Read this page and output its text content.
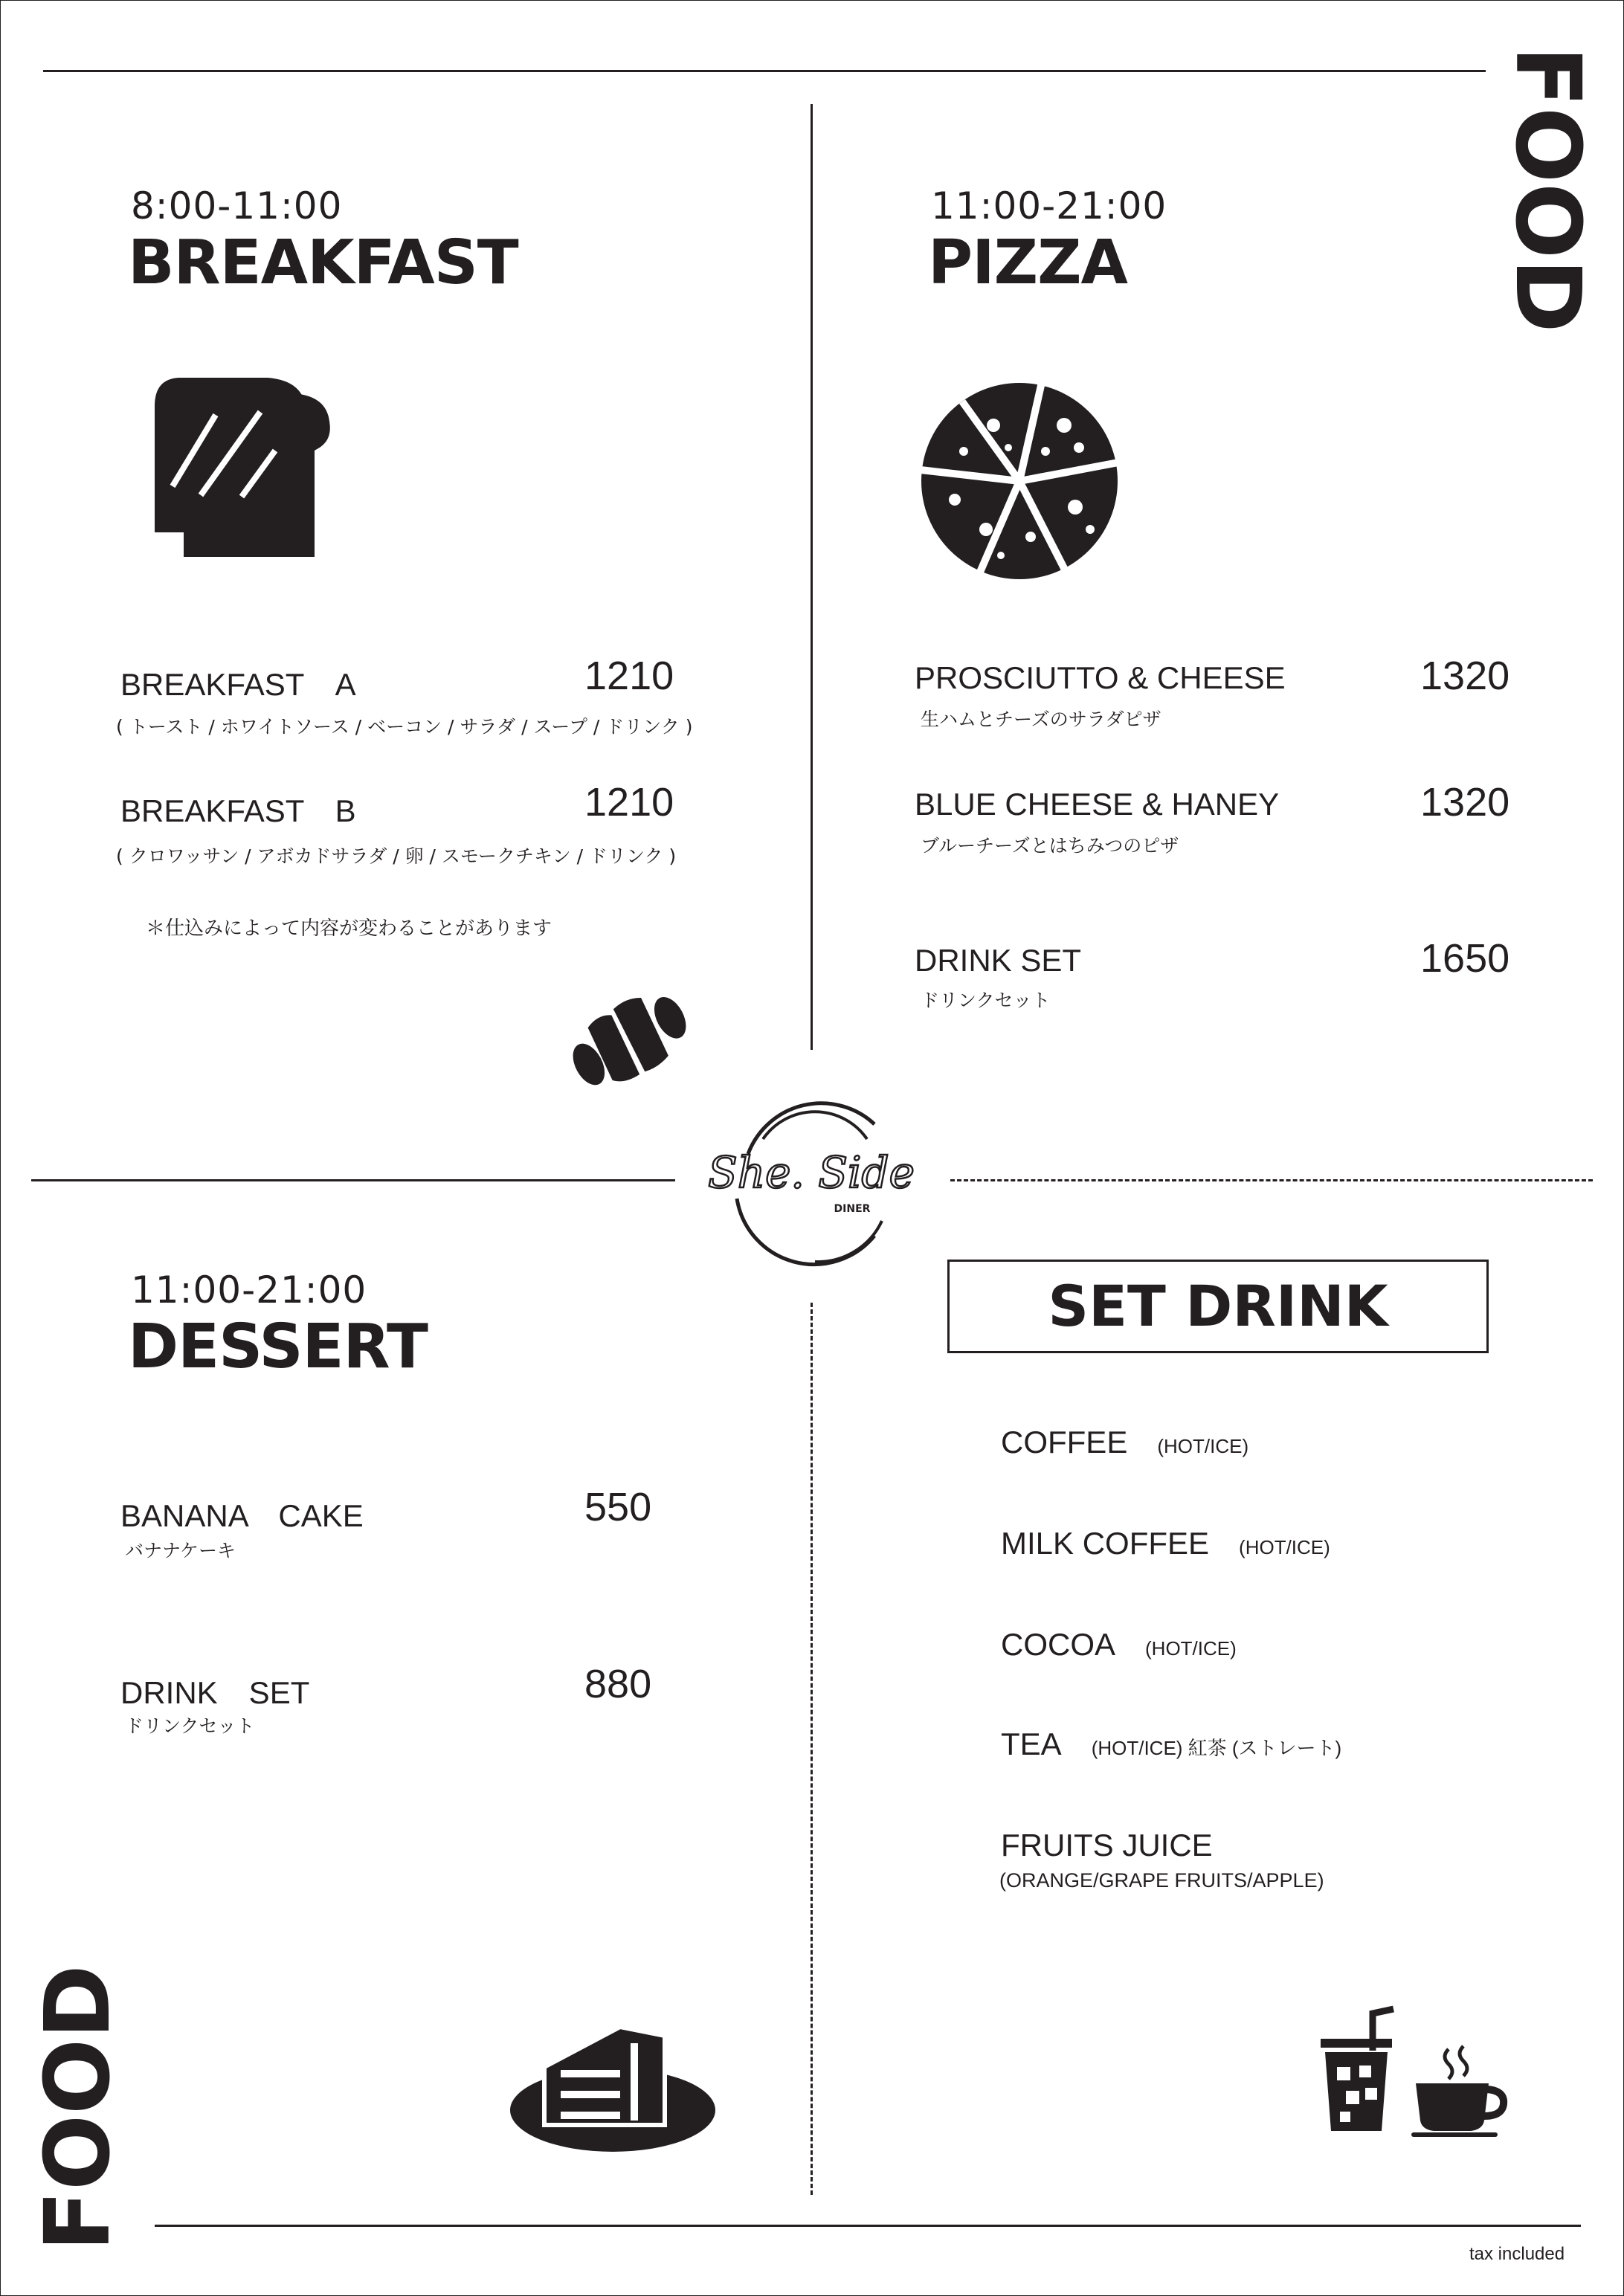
FOOD
FOOD
8:00-11:00
BREAKFAST
BREAKFAST　A	1210
( トースト / ホワイトソース / ベーコン / サラダ / スープ / ドリンク )
BREAKFAST　B	1210
( クロワッサン / アボカドサラダ / 卵 / スモークチキン / ドリンク )
＊仕込みによって内容が変わることがあります
11:00-21:00
PIZZA
PROSCIUTTO & CHEESE	1320
生ハムとチーズのサラダピザ
BLUE CHEESE & HANEY	1320
ブルーチーズとはちみつのピザ
DRINK SET	1650
ドリンクセット
She. Side
DINER
11:00-21:00
DESSERT
BANANA　CAKE	550
バナナケーキ
DRINK　SET	880
ドリンクセット
SET DRINK
COFFEE (HOT/ICE)
MILK COFFEE (HOT/ICE)
COCOA (HOT/ICE)
TEA (HOT/ICE) 紅茶 (ストレート)
FRUITS JUICE
(ORANGE/GRAPE FRUITS/APPLE)
tax included
